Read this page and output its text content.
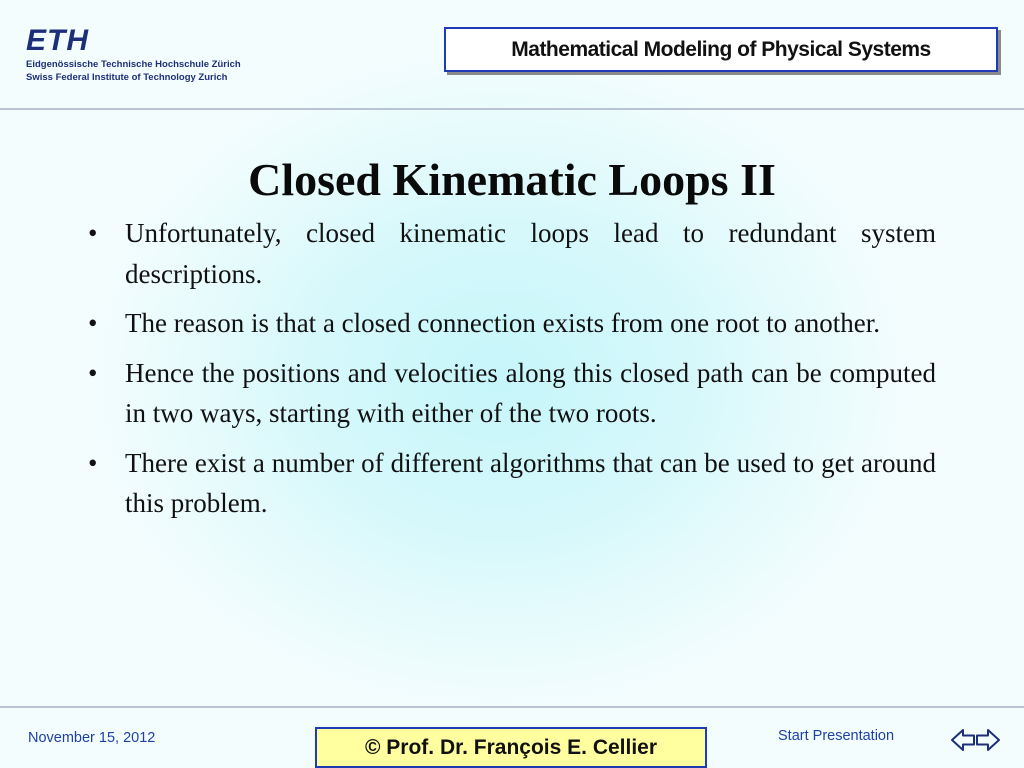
ETH
Eidgenössische Technische Hochschule Zürich
Swiss Federal Institute of Technology Zurich
Mathematical Modeling of Physical Systems
Closed Kinematic Loops II
• Unfortunately, closed kinematic loops lead to redundant system descriptions.
• The reason is that a closed connection exists from one root to another.
• Hence the positions and velocities along this closed path can be computed in two ways, starting with either of the two roots.
• There exist a number of different algorithms that can be used to get around this problem.
November 15, 2012	© Prof. Dr. François E. Cellier	Start Presentation
